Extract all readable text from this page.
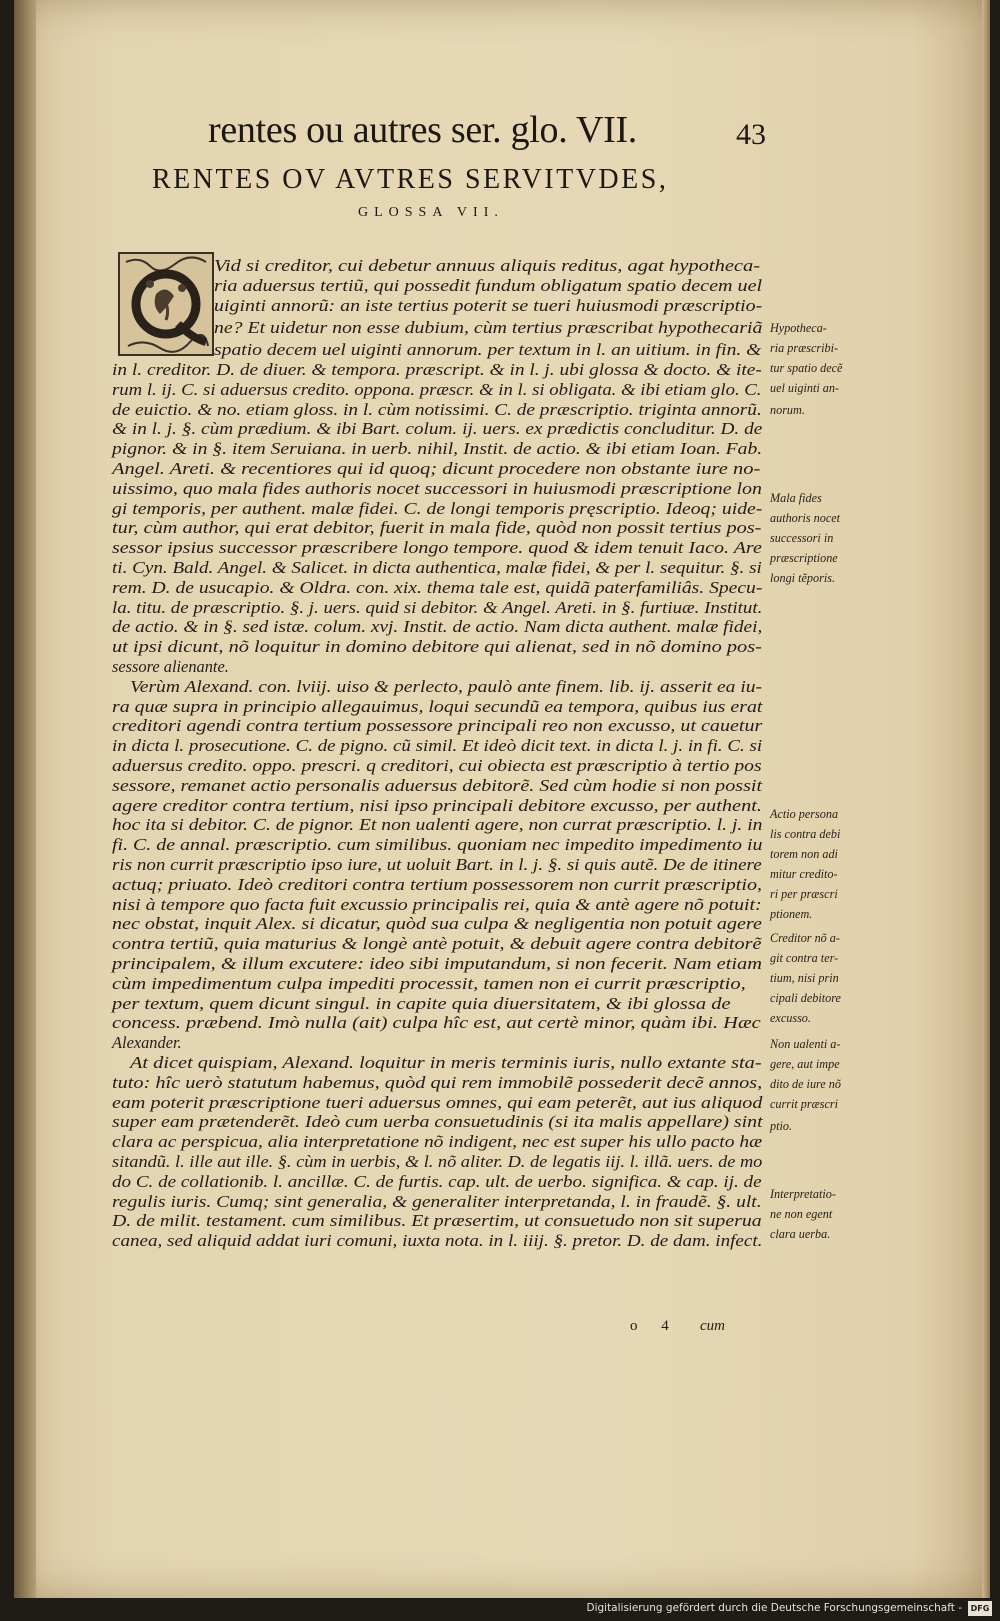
rentes ou autres ser. glo. VII.	43
RENTES OV AVTRES SERVITVDES,
GLOSSA VII.
Vid si creditor, cui debetur annuus aliquis reditus, agat hypotheca-
ria aduersus tertiũ, qui possedit fundum obligatum spatio decem uel
uiginti annorũ: an iste tertius poterit se tueri huiusmodi præscriptio-
ne? Et uidetur non esse dubium, cùm tertius præscribat hypothecariã
spatio decem uel uiginti annorum. per textum in l. an uitium. in fin. &
in l. creditor. D. de diuer. & tempora. præscript. & in l. j. ubi glossa & docto. & ite-
rum l. ij. C. si aduersus credito. oppona. præscr. & in l. si obligata. & ibi etiam glo. C.
de euictio. & no. etiam gloss. in l. cùm notissimi. C. de præscriptio. triginta annorũ.
& in l. j. §. cùm prædium. & ibi Bart. colum. ij. uers. ex prædictis concluditur. D. de
pignor. & in §. item Seruiana. in uerb. nihil, Instit. de actio. & ibi etiam Ioan. Fab.
Angel. Areti. & recentiores qui id quoq; dicunt procedere non obstante iure no-
uissimo, quo mala fides authoris nocet successori in huiusmodi præscriptione lon
gi temporis, per authent. malæ fidei. C. de longi temporis pręscriptio. Ideoq; uide-
tur, cùm author, qui erat debitor, fuerit in mala fide, quòd non possit tertius pos-
sessor ipsius successor præscribere longo tempore. quod & idem tenuit Iaco. Are
ti. Cyn. Bald. Angel. & Salicet. in dicta authentica, malæ fidei, & per l. sequitur. §. si
rem. D. de usucapio. & Oldra. con. xix. thema tale est, quidã paterfamiliâs. Specu-
la. titu. de præscriptio. §. j. uers. quid si debitor. & Angel. Areti. in §. furtiuæ. Institut.
de actio. & in §. sed istæ. colum. xvj. Instit. de actio. Nam dicta authent. malæ fidei,
ut ipsi dicunt, nõ loquitur in domino debitore qui alienat, sed in nõ domino pos-
sessore alienante.
Verùm Alexand. con. lviij. uiso & perlecto, paulò ante finem. lib. ij. asserit ea iu-
ra quæ supra in principio allegauimus, loqui secundũ ea tempora, quibus ius erat
creditori agendi contra tertium possessore principali reo non excusso, ut cauetur
in dicta l. prosecutione. C. de pigno. cũ simil. Et ideò dicit text. in dicta l. j. in fi. C. si
aduersus credito. oppo. prescri. q creditori, cui obiecta est præscriptio à tertio pos
sessore, remanet actio personalis aduersus debitorẽ. Sed cùm hodie si non possit
agere creditor contra tertium, nisi ipso principali debitore excusso, per authent.
hoc ita si debitor. C. de pignor. Et non ualenti agere, non currat præscriptio. l. j. in
fi. C. de annal. præscriptio. cum similibus. quoniam nec impedito impedimento iu
ris non currit præscriptio ipso iure, ut uoluit Bart. in l. j. §. si quis autẽ. De de itinere
actuq; priuato. Ideò creditori contra tertium possessorem non currit præscriptio,
nisi à tempore quo facta fuit excussio principalis rei, quia & antè agere nõ potuit:
nec obstat, inquit Alex. si dicatur, quòd sua culpa & negligentia non potuit agere
contra tertiũ, quia maturius & longè antè potuit, & debuit agere contra debitorẽ
principalem, & illum excutere: ideo sibi imputandum, si non fecerit. Nam etiam
cùm impedimentum culpa impediti processit, tamen non ei currit præscriptio,
per textum, quem dicunt singul. in capite quia diuersitatem, & ibi glossa de
concess. præbend. Imò nulla (ait) culpa hîc est, aut certè minor, quàm ibi. Hæc
Alexander.
At dicet quispiam, Alexand. loquitur in meris terminis iuris, nullo extante sta-
tuto: hîc uerò statutum habemus, quòd qui rem immobilẽ possederit decẽ annos,
eam poterit præscriptione tueri aduersus omnes, qui eam peterẽt, aut ius aliquod
super eam prætenderẽt. Ideò cum uerba consuetudinis (si ita malis appellare) sint
clara ac perspicua, alia interpretatione nõ indigent, nec est super his ullo pacto hæ
sitandũ. l. ille aut ille. §. cùm in uerbis, & l. nõ aliter. D. de legatis iij. l. illã. uers. de mo
do C. de collationib. l. ancillæ. C. de furtis. cap. ult. de uerbo. significa. & cap. ij. de
regulis iuris. Cumq; sint generalia, & generaliter interpretanda, l. in fraudẽ. §. ult.
D. de milit. testament. cum similibus. Et præsertim, ut consuetudo non sit superua
canea, sed aliquid addat iuri comuni, iuxta nota. in l. iiij. §. pretor. D. de dam. infect.
Hypotheca-
ria præscribi-
tur spatio decẽ
uel uiginti an-
norum.
Mala fides
authoris nocet
successori in
præscriptione
longi tẽporis.
Actio persona
lis contra debi
torem non adi
mitur credito-
ri per præscri
ptionem.
Creditor nõ a-
git contra ter-
tium, nisi prin
cipali debitore
excusso.
Non ualenti a-
gere, aut impe
dito de iure nõ
currit præscri
ptio.
Interpretatio-
ne non egent
clara uerba.
o 4 cum
Digitalisierung gefördert durch die Deutsche Forschungsgemeinschaft -	DFG
